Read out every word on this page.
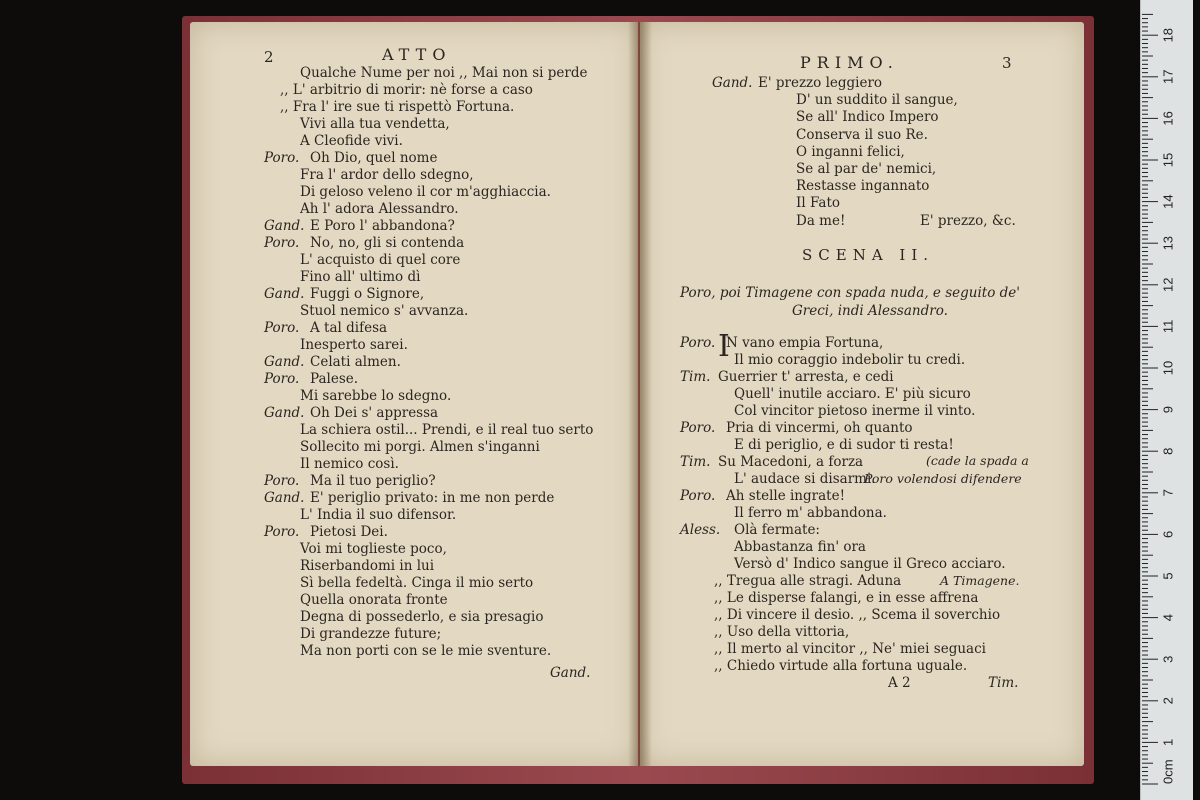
2	ATTO
Qualche Nume per noi ,, Mai non si perde
,, L' arbitrio di morir: nè forse a caso
,, Fra l' ire sue ti rispettò Fortuna.
Vivi alla tua vendetta,
A Cleofide vivi.
Poro. Oh Dio, quel nome
Fra l' ardor dello sdegno,
Di geloso veleno il cor m'agghiaccia.
Ah l' adora Alessandro.
Gand. E Poro l' abbandona?
Poro. No, no, gli si contenda
L' acquisto di quel core
Fino all' ultimo dì
Gand. Fuggi o Signore,
Stuol nemico s' avvanza.
Poro. A tal difesa
Inesperto sarei.
Gand. Celati almen.
Poro. Palese.
Mi sarebbe lo sdegno.
Gand. Oh Dei s' appressa
La schiera ostil... Prendi, e il real tuo serto
Sollecito mi porgi. Almen s'inganni
Il nemico così.
Poro. Ma il tuo periglio?
Gand. E' periglio privato: in me non perde
L' India il suo difensor.
Poro. Pietosi Dei.
Voi mi toglieste poco,
Riserbandomi in lui
Sì bella fedeltà. Cinga il mio serto
Quella onorata fronte
Degna di possederlo, e sia presagio
Di grandezze future;
Ma non porti con se le mie sventure.
Gand.
PRIMO.	3
Gand. E' prezzo leggiero
D' un suddito il sangue,
Se all' Indico Impero
Conserva il suo Re.
O inganni felici,
Se al par de' nemici,
Restasse ingannato
Il Fato
Da me!	E' prezzo, &c.
SCENA II.
Poro, poi Timagene con spada nuda, e seguito de'
Greci, indi Alessandro.
I
Poro. N vano empia Fortuna,
Il mio coraggio indebolir tu credi.
Tim. Guerrier t' arresta, e cedi
Quell' inutile acciaro. E' più sicuro
Col vincitor pietoso inerme il vinto.
Poro. Pria di vincermi, oh quanto
E di periglio, e di sudor ti resta!
Tim. Su Macedoni, a forza
L' audace si disarmi.
Poro. Ah stelle ingrate!
Il ferro m' abbandona.
Aless. Olà fermate:
Abbastanza fin' ora
Versò d' Indico sangue il Greco acciaro.
,, Tregua alle stragi. Aduna
,, Le disperse falangi, e in esse affrena
,, Di vincere il desio. ,, Scema il soverchio
,, Uso della vittoria,
,, Il merto al vincitor ,, Ne' miei seguaci
,, Chiedo virtude alla fortuna uguale.
(cade la spada a
Poro volendosi difendere
A Timagene.
A 2	Tim.
0cm
1
2
3
4
5
6
7
8
9
10
11
12
13
14
15
16
17
18
